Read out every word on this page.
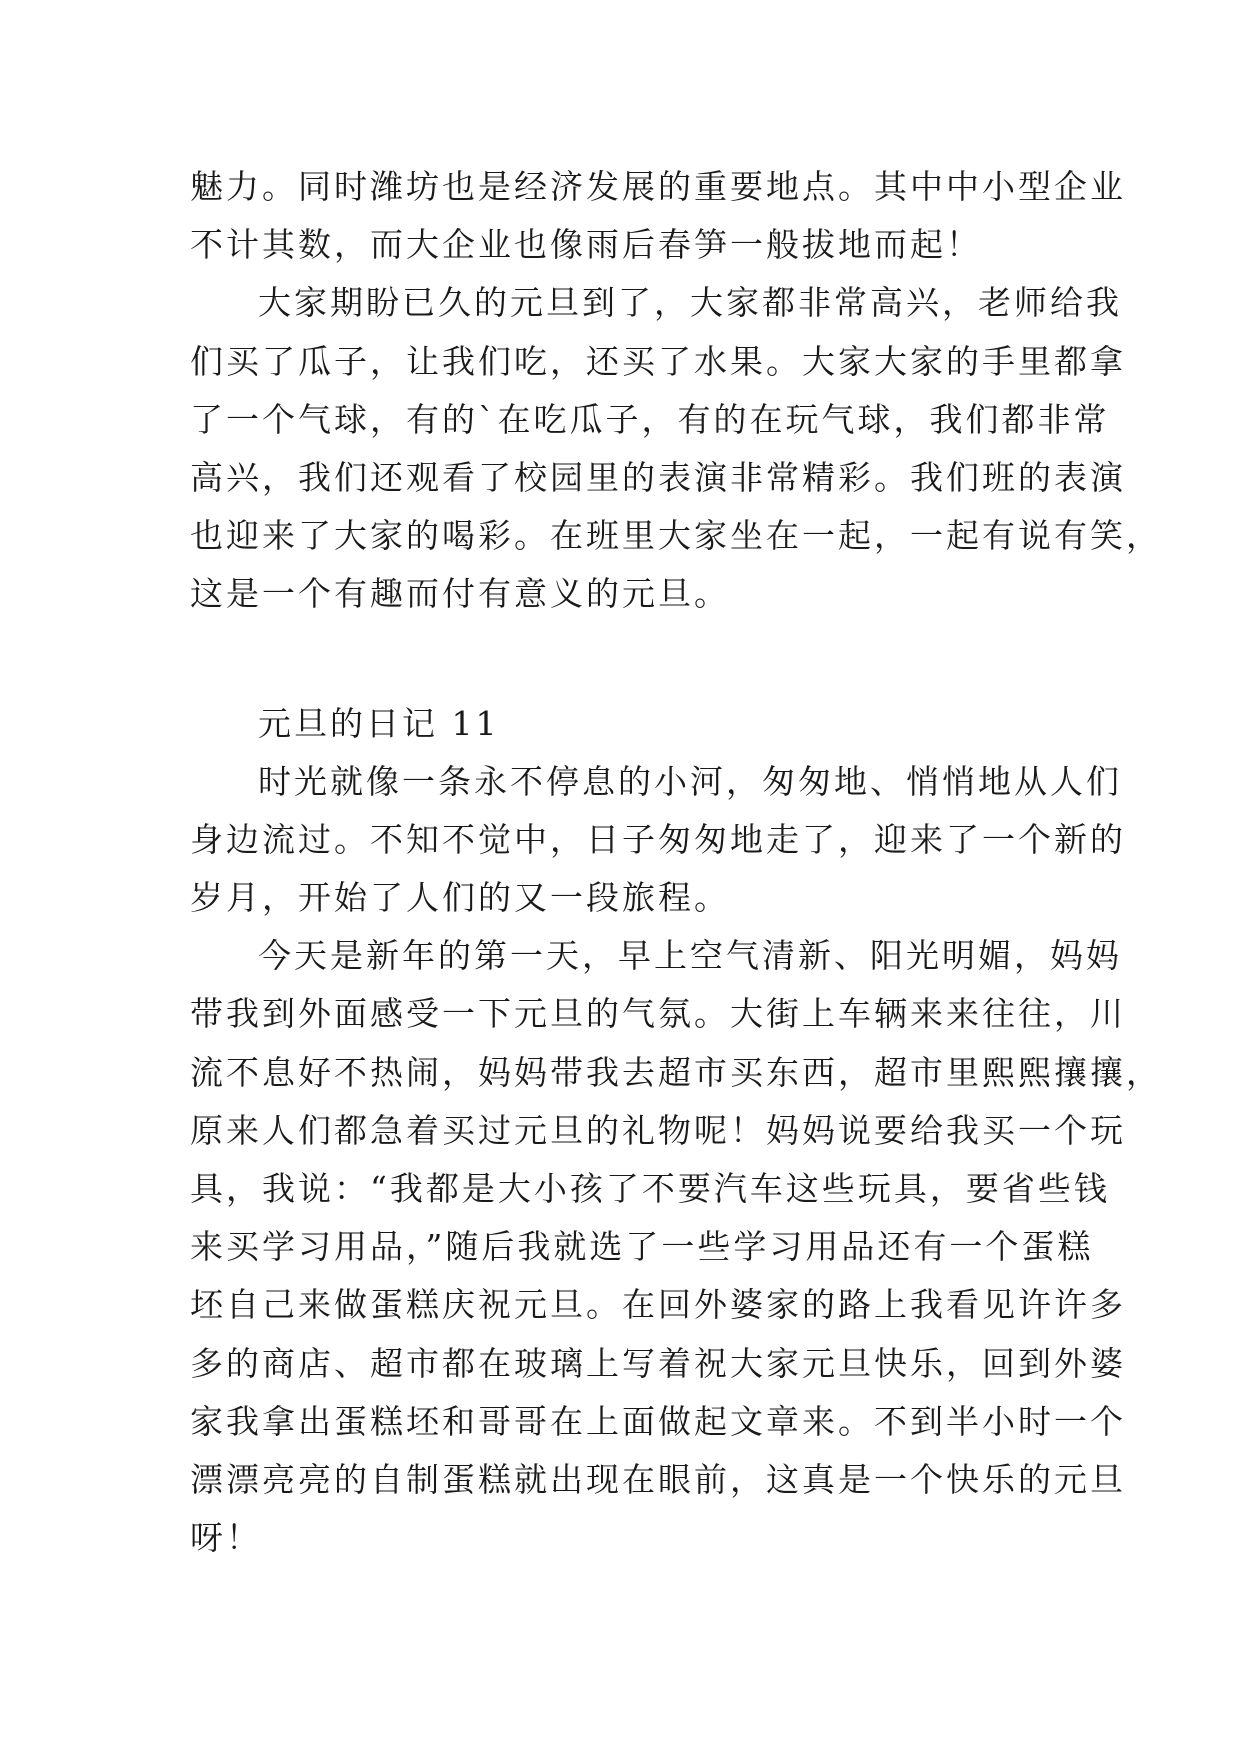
魅力。同时潍坊也是经济发展的重要地点。其中中小型企业
不计其数，而大企业也像雨后春笋一般拔地而起！
大家期盼已久的元旦到了，大家都非常高兴，老师给我
们买了瓜子，让我们吃，还买了水果。大家大家的手里都拿
了一个气球，有的`在吃瓜子，有的在玩气球，我们都非常
高兴，我们还观看了校园里的表演非常精彩。我们班的表演
也迎来了大家的喝彩。在班里大家坐在一起，一起有说有笑，
这是一个有趣而付有意义的元旦。
元旦的日记 11
时光就像一条永不停息的小河，匆匆地、悄悄地从人们
身边流过。不知不觉中，日子匆匆地走了，迎来了一个新的
岁月，开始了人们的又一段旅程。
今天是新年的第一天，早上空气清新、阳光明媚，妈妈
带我到外面感受一下元旦的气氛。大街上车辆来来往往，川
流不息好不热闹，妈妈带我去超市买东西，超市里熙熙攘攘，
原来人们都急着买过元旦的礼物呢！妈妈说要给我买一个玩
具，我说：“我都是大小孩了不要汽车这些玩具，要省些钱
来买学习用品，”随后我就选了一些学习用品还有一个蛋糕
坯自己来做蛋糕庆祝元旦。在回外婆家的路上我看见许许多
多的商店、超市都在玻璃上写着祝大家元旦快乐，回到外婆
家我拿出蛋糕坯和哥哥在上面做起文章来。不到半小时一个
漂漂亮亮的自制蛋糕就出现在眼前，这真是一个快乐的元旦
呀！
